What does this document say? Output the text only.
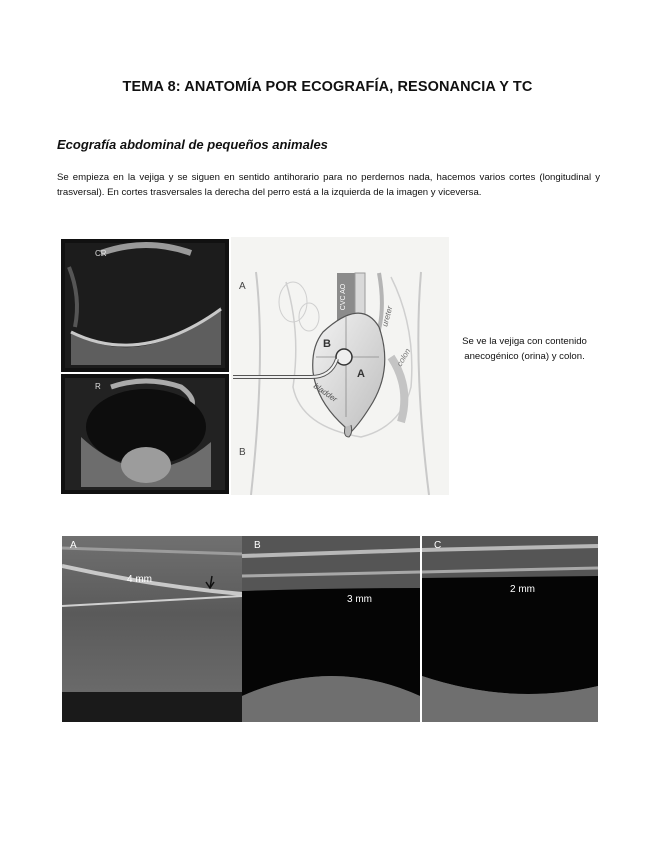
TEMA 8: ANATOMÍA POR ECOGRAFÍA, RESONANCIA Y TC
Ecografía abdominal de pequeños animales
Se empieza en la vejiga y se siguen en sentido antihorario para no perdernos nada, hacemos varios cortes (longitudinal y trasversal). En cortes trasversales la derecha del perro está a la izquierda de la imagen y viceversa.
CVC AO
ureter
colon
B
A
bladder
A
B
CR
R
Se ve la vejiga con contenido anecogénico (orina) y colon.
A
4 mm
B
3 mm
C
2 mm
